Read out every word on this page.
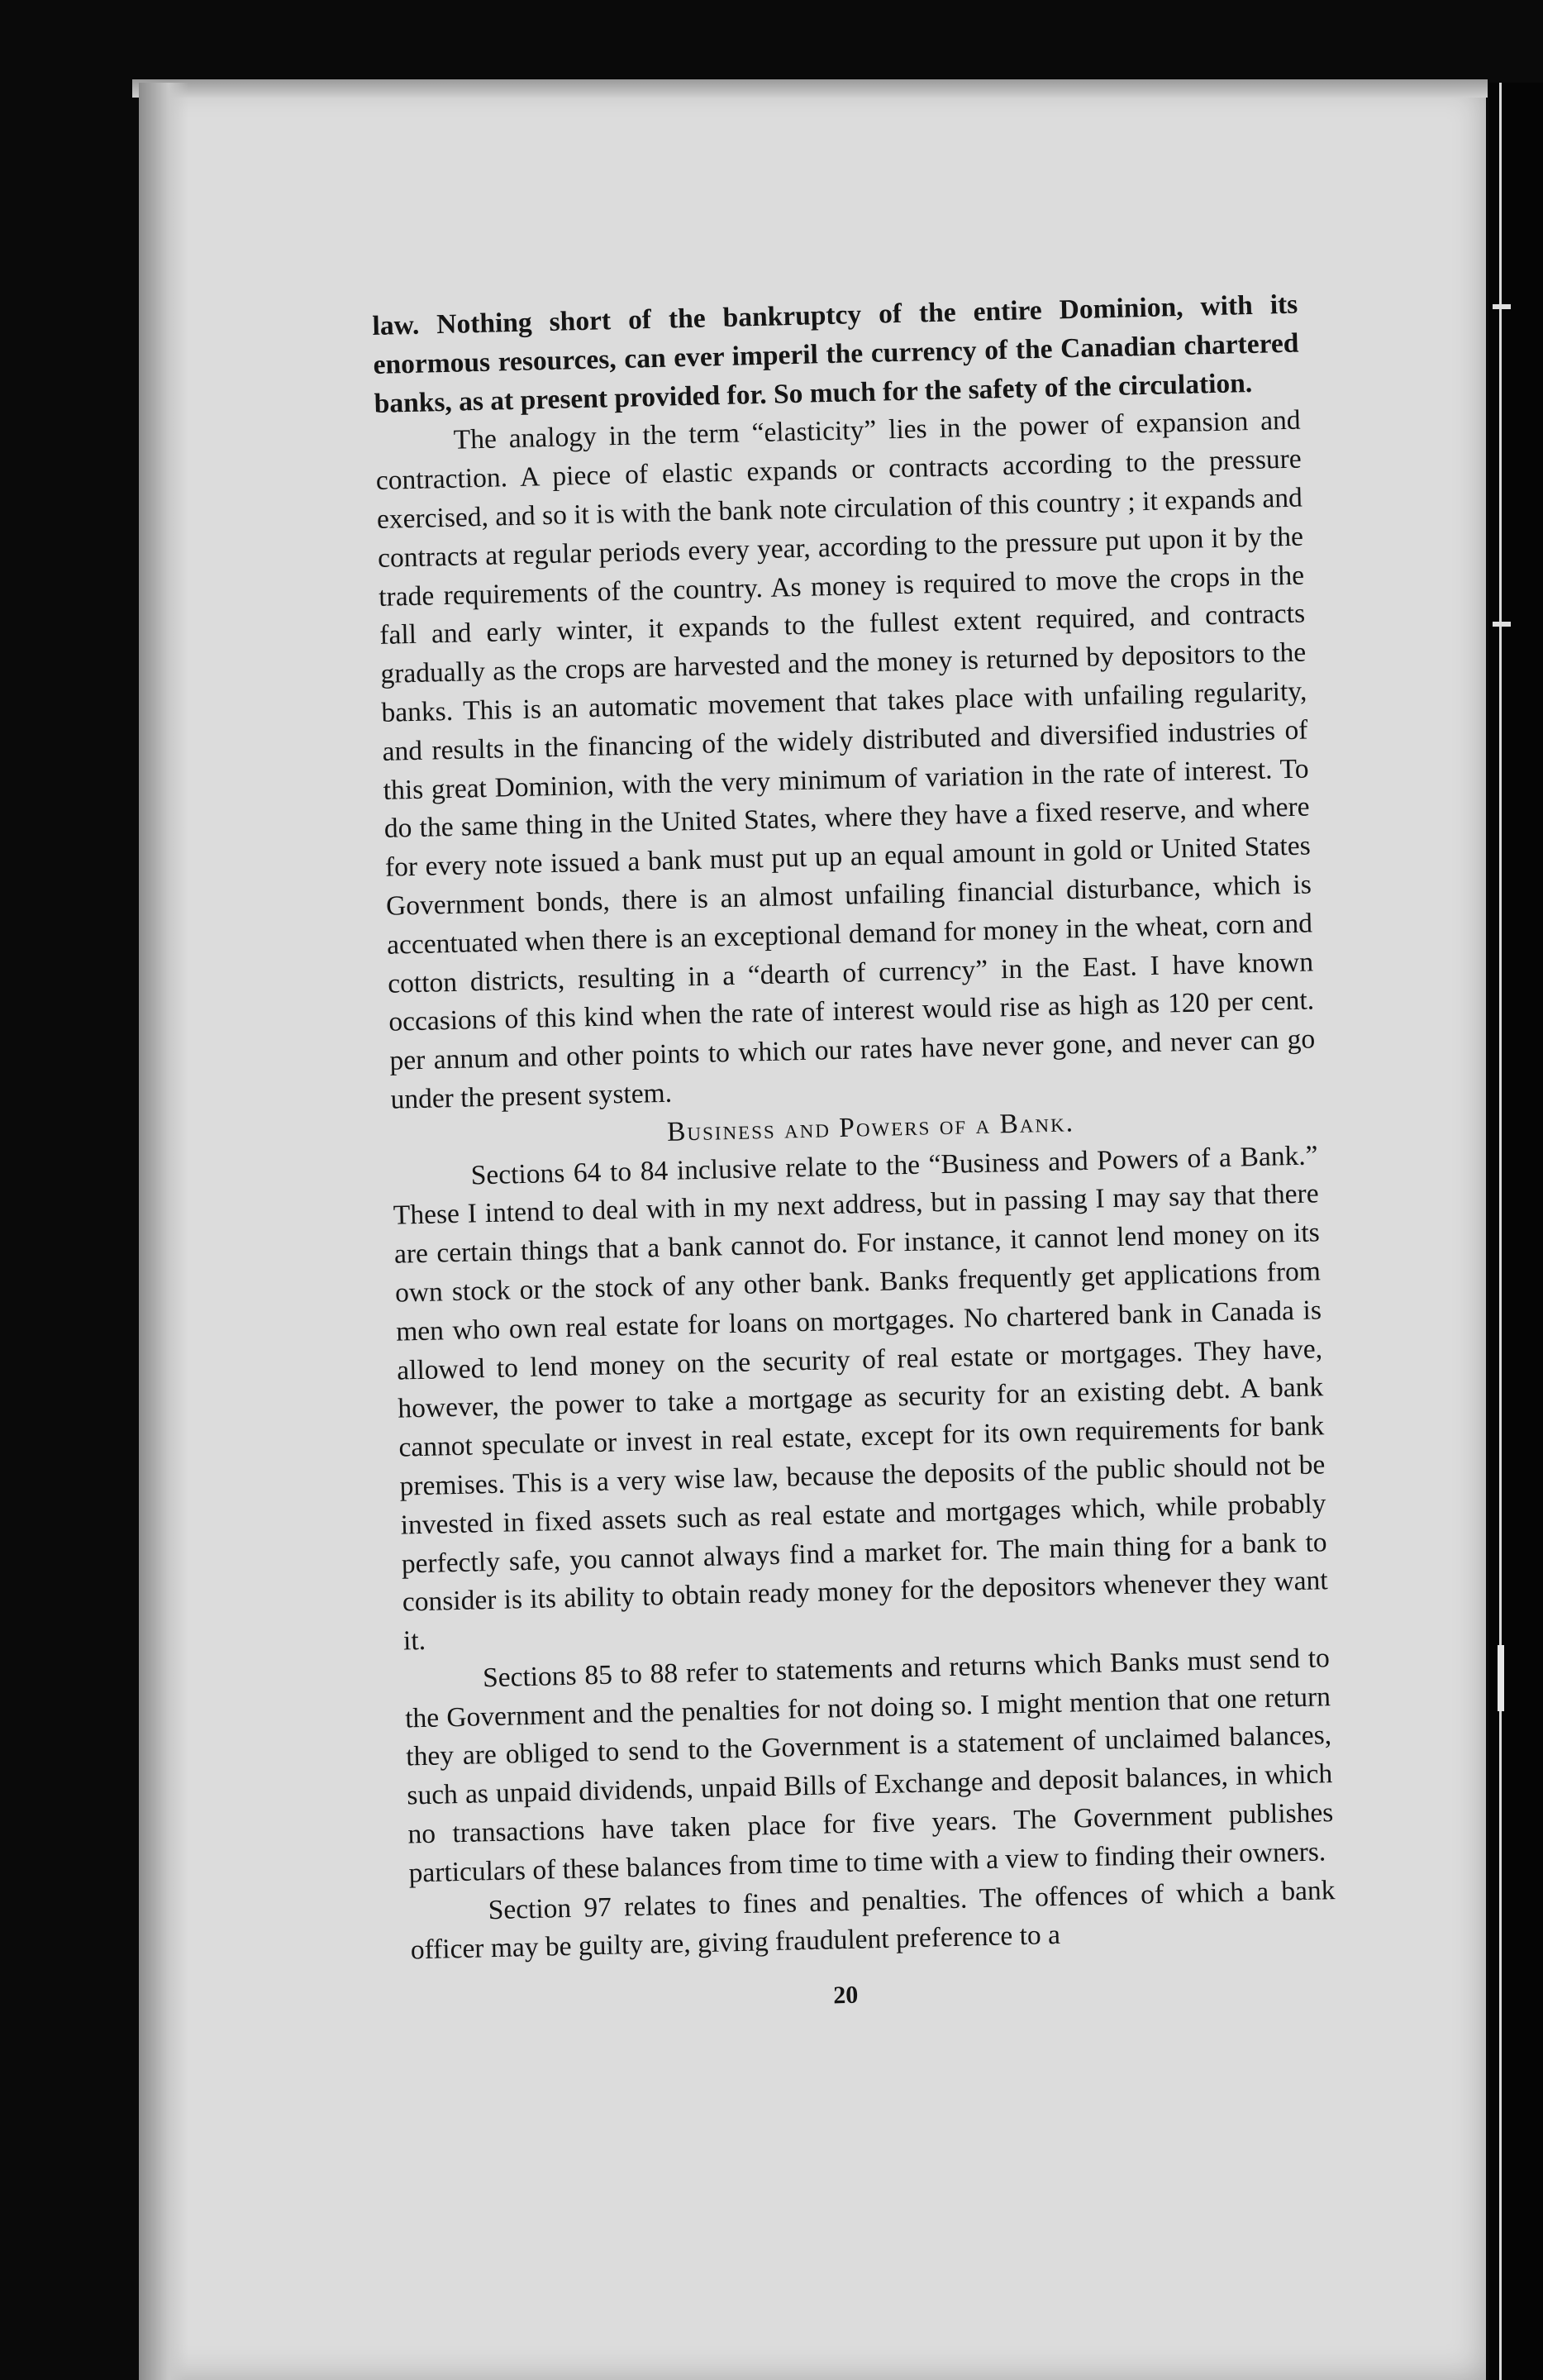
law. Nothing short of the bankruptcy of the entire Dominion, with its enormous resources, can ever imperil the currency of the Canadian chartered banks, as at present provided for. So much for the safety of the circulation.

The analogy in the term “elasticity” lies in the power of expansion and contraction. A piece of elastic expands or contracts according to the pressure exercised, and so it is with the bank note circulation of this country ; it expands and contracts at regular periods every year, according to the pressure put upon it by the trade requirements of the country. As money is required to move the crops in the fall and early winter, it expands to the fullest extent required, and contracts gradually as the crops are harvested and the money is returned by depositors to the banks. This is an automatic movement that takes place with unfailing regularity, and results in the financing of the widely distributed and diversified industries of this great Dominion, with the very minimum of variation in the rate of interest. To do the same thing in the United States, where they have a fixed reserve, and where for every note issued a bank must put up an equal amount in gold or United States Government bonds, there is an almost unfailing financial disturbance, which is accentuated when there is an exceptional demand for money in the wheat, corn and cotton districts, resulting in a “dearth of currency” in the East. I have known occasions of this kind when the rate of interest would rise as high as 120 per cent. per annum and other points to which our rates have never gone, and never can go under the present system.

Business and Powers of a Bank.

Sections 64 to 84 inclusive relate to the “Business and Powers of a Bank.” These I intend to deal with in my next address, but in passing I may say that there are certain things that a bank cannot do. For instance, it cannot lend money on its own stock or the stock of any other bank. Banks frequently get applications from men who own real estate for loans on mortgages. No chartered bank in Canada is allowed to lend money on the security of real estate or mortgages. They have, however, the power to take a mortgage as security for an existing debt. A bank cannot speculate or invest in real estate, except for its own requirements for bank premises. This is a very wise law, because the deposits of the public should not be invested in fixed assets such as real estate and mortgages which, while probably perfectly safe, you cannot always find a market for. The main thing for a bank to consider is its ability to obtain ready money for the depositors whenever they want it.

Sections 85 to 88 refer to statements and returns which Banks must send to the Government and the penalties for not doing so. I might mention that one return they are obliged to send to the Government is a statement of unclaimed balances, such as unpaid dividends, unpaid Bills of Exchange and deposit balances, in which no transactions have taken place for five years. The Government publishes particulars of these balances from time to time with a view to finding their owners.

Section 97 relates to fines and penalties. The offences of which a bank officer may be guilty are, giving fraudulent preference to a

20
